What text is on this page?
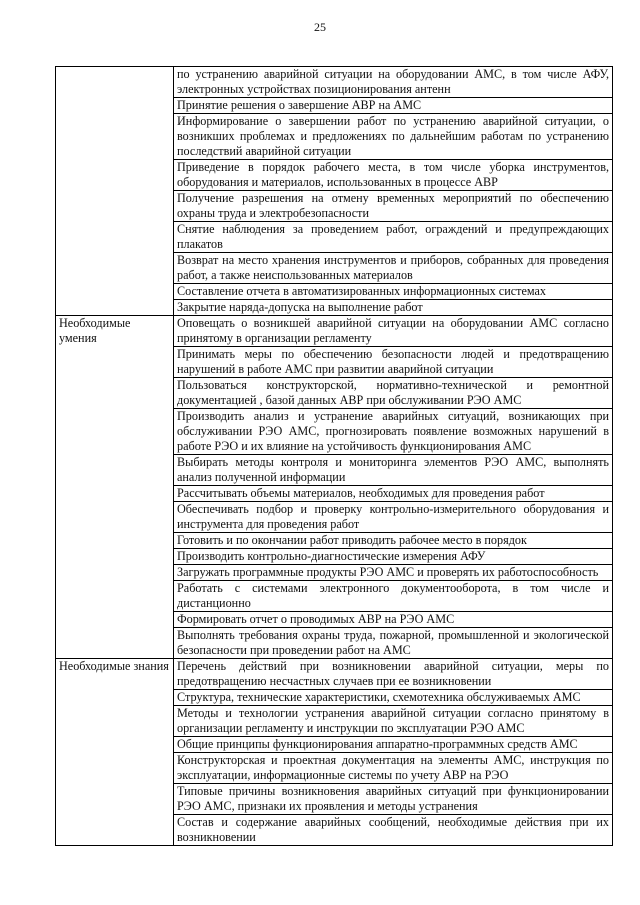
25
	по устранению аварийной ситуации на оборудовании АМС, в том числе АФУ, электронных устройствах позиционирования антенн
	Принятие решения о завершение АВР на АМС
	Информирование о завершении работ по устранению аварийной ситуации, о возникших проблемах и предложениях по дальнейшим работам по устранению последствий аварийной ситуации
	Приведение в порядок рабочего места, в том числе уборка инструментов, оборудования и материалов, использованных в процессе АВР
	Получение разрешения на отмену временных мероприятий по обеспечению охраны труда и электробезопасности
	Снятие наблюдения за проведением работ, ограждений и предупреждающих плакатов
	Возврат на место хранения инструментов и приборов, собранных для проведения работ, а также неиспользованных материалов
	Составление отчета в автоматизированных информационных системах
	Закрытие наряда-допуска на выполнение работ
Необходимые умения	Оповещать о возникшей аварийной ситуации на оборудовании АМС согласно принятому в организации регламенту
	Принимать меры по обеспечению безопасности людей и предотвращению нарушений в работе АМС при развитии аварийной ситуации
	Пользоваться конструкторской, нормативно-технической и ремонтной документацией , базой данных АВР при обслуживании РЭО АМС
	Производить анализ и устранение аварийных ситуаций, возникающих при обслуживании РЭО АМС, прогнозировать появление возможных нарушений в работе РЭО и их влияние на устойчивость функционирования АМС
	Выбирать методы контроля и мониторинга элементов РЭО АМС, выполнять анализ полученной информации
	Рассчитывать объемы материалов, необходимых для проведения работ
	Обеспечивать подбор и проверку контрольно-измерительного оборудования и инструмента для проведения работ
	Готовить и по окончании работ приводить рабочее место в порядок
	Производить контрольно-диагностические измерения АФУ
	Загружать программные продукты РЭО АМС и проверять их работоспособность
	Работать с системами электронного документооборота, в том числе и дистанционно
	Формировать отчет о проводимых АВР на РЭО АМС
	Выполнять требования охраны труда, пожарной, промышленной и экологической безопасности при проведении работ на АМС
Необходимые знания	Перечень действий при возникновении аварийной ситуации, меры по предотвращению несчастных случаев при ее возникновении
	Структура, технические характеристики, схемотехника обслуживаемых АМС
	Методы и технологии устранения аварийной ситуации согласно принятому в организации регламенту и инструкции по эксплуатации РЭО АМС
	Общие принципы функционирования аппаратно-программных средств АМС
	Конструкторская и проектная документация на элементы АМС, инструкция по эксплуатации, информационные системы по учету АВР на РЭО
	Типовые причины возникновения аварийных ситуаций при функционировании РЭО АМС, признаки их проявления и методы устранения
	Состав и содержание аварийных сообщений, необходимые действия при их возникновении
